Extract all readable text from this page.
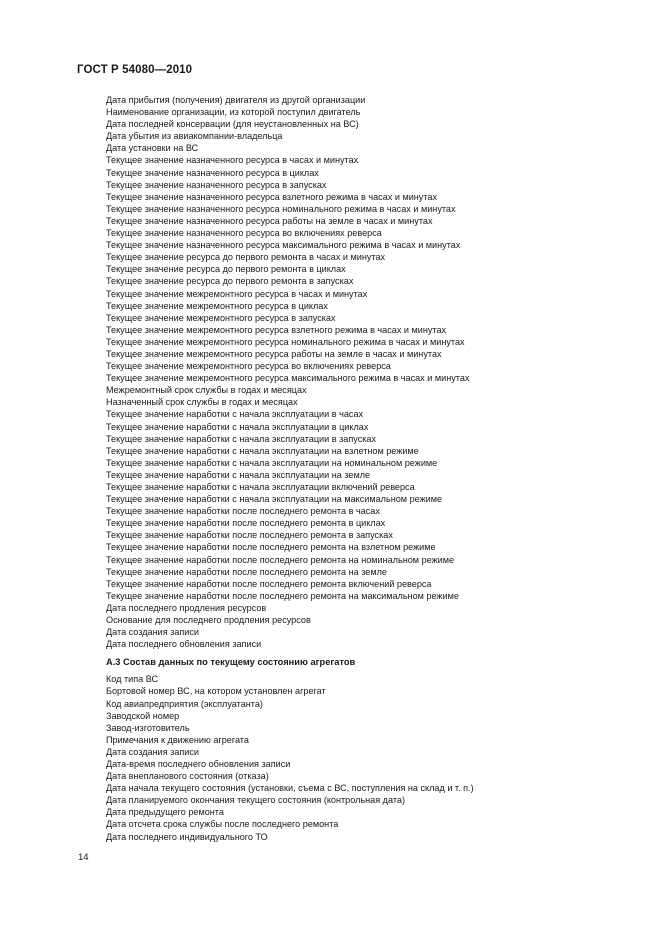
ГОСТ Р 54080—2010
Дата прибытия (получения) двигателя из другой организации
Наименование организации, из которой поступил двигатель
Дата последней консервации (для неустановленных на ВС)
Дата убытия из авиакомпании-владельца
Дата установки на ВС
Текущее значение назначенного ресурса в часах и минутах
Текущее значение назначенного ресурса в циклах
Текущее значение назначенного ресурса в запусках
Текущее значение назначенного ресурса взлетного режима в часах и минутах
Текущее значение назначенного ресурса номинального режима в часах и минутах
Текущее значение назначенного ресурса работы на земле в часах и минутах
Текущее значение назначенного ресурса во включениях реверса
Текущее значение назначенного ресурса максимального режима в часах и минутах
Текущее значение ресурса до первого ремонта в часах и минутах
Текущее значение ресурса до первого ремонта в циклах
Текущее значение ресурса до первого ремонта в запусках
Текущее значение межремонтного ресурса в часах и минутах
Текущее значение межремонтного ресурса в циклах
Текущее значение межремонтного ресурса в запусках
Текущее значение межремонтного ресурса взлетного режима в часах и минутах
Текущее значение межремонтного ресурса номинального режима в часах и минутах
Текущее значение межремонтного ресурса работы на земле в часах и минутах
Текущее значение межремонтного ресурса во включениях реверса
Текущее значение межремонтного ресурса максимального режима в часах и минутах
Межремонтный срок службы в годах и месяцах
Назначенный срок службы в годах и месяцах
Текущее значение наработки с начала эксплуатации в часах
Текущее значение наработки с начала эксплуатации в циклах
Текущее значение наработки с начала эксплуатации в запусках
Текущее значение наработки с начала эксплуатации на взлетном режиме
Текущее значение наработки с начала эксплуатации на номинальном режиме
Текущее значение наработки с начала эксплуатации на земле
Текущее значение наработки с начала эксплуатации включений реверса
Текущее значение наработки с начала эксплуатации на максимальном режиме
Текущее значение наработки после последнего ремонта в часах
Текущее значение наработки после последнего ремонта в циклах
Текущее значение наработки после последнего ремонта в запусках
Текущее значение наработки после последнего ремонта на взлетном режиме
Текущее значение наработки после последнего ремонта на номинальном режиме
Текущее значение наработки после последнего ремонта на земле
Текущее значение наработки после последнего ремонта включений реверса
Текущее значение наработки после последнего ремонта на максимальном режиме
Дата последнего продления ресурсов
Основание для последнего продления ресурсов
Дата создания записи
Дата последнего обновления записи
А.3 Состав данных по текущему состоянию агрегатов
Код типа ВС
Бортовой номер ВС, на котором установлен агрегат
Код авиапредприятия (эксплуатанта)
Заводской номер
Завод-изготовитель
Примечания к движению агрегата
Дата создания записи
Дата-время последнего обновления записи
Дата внепланового состояния (отказа)
Дата начала текущего состояния (установки, съема с ВС, поступления на склад и т. п.)
Дата планируемого окончания текущего состояния (контрольная дата)
Дата предыдущего ремонта
Дата отсчета срока службы после последнего ремонта
Дата последнего индивидуального ТО
14
